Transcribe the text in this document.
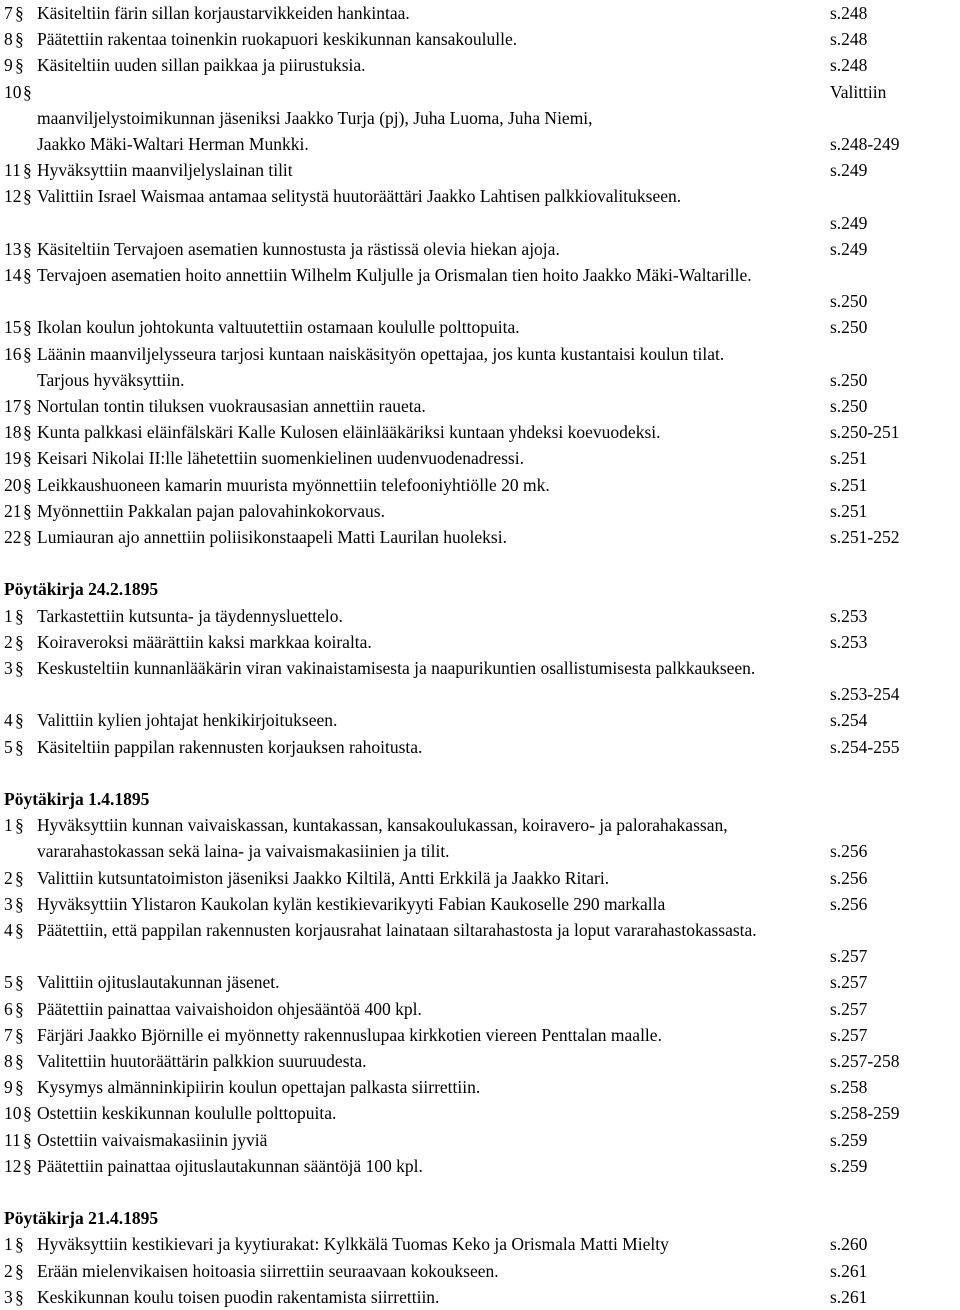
7 § Käsiteltiin färin sillan korjaustarvikkeiden hankintaa.	s.248
8 § Päätettiin rakentaa toinenkin ruokapuori keskikunnan kansakoululle.	s.248
9 § Käsiteltiin uuden sillan paikkaa ja piirustuksia.	s.248
10 §	Valittiin
maanviljelystoimikunnan jäseniksi Jaakko Turja (pj), Juha Luoma, Juha Niemi,
Jaakko Mäki-Waltari Herman Munkki.	s.248-249
11 § Hyväksyttiin maanviljelyslainan tilit	s.249
12 § Valittiin Israel Waismaa antamaa selitystä huutoräättäri Jaakko Lahtisen palkkiovalitukseen.
s.249
13 § Käsiteltiin Tervajoen asematien kunnostusta ja rästissä olevia hiekan ajoja.	s.249
14 § Tervajoen asematien hoito annettiin Wilhelm Kuljulle ja Orismalan tien hoito Jaakko Mäki-Waltarille.
s.250
15 § Ikolan koulun johtokunta valtuutettiin ostamaan koululle polttopuita.	s.250
16 § Läänin maanviljelysseura tarjosi kuntaan naiskäsityön opettajaa, jos kunta kustantaisi koulun tilat.
Tarjous hyväksyttiin.	s.250
17 § Nortulan tontin tiluksen vuokrausasian annettiin raueta.	s.250
18 § Kunta palkkasi eläinfälskäri Kalle Kulosen eläinlääkäriksi kuntaan yhdeksi koevuodeksi.	s.250-251
19 § Keisari Nikolai II:lle lähetettiin suomenkielinen uudenvuodenadressi.	s.251
20 § Leikkaushuoneen kamarin muurista myönnettiin telefooniyhtiölle 20 mk.	s.251
21 § Myönnettiin Pakkalan pajan palovahinkokorvaus.	s.251
22 § Lumiauran ajo annettiin poliisikonstaapeli Matti Laurilan huoleksi.	s.251-252
Pöytäkirja 24.2.1895
1 § Tarkastettiin kutsunta- ja täydennysluettelo.	s.253
2 § Koiraveroksi määrättiin kaksi markkaa koiralta.	s.253
3 § Keskusteltiin kunnanlääkärin viran vakinaistamisesta ja naapurikuntien osallistumisesta palkkaukseen.
s.253-254
4 § Valittiin kylien johtajat henkikirjoitukseen.	s.254
5 § Käsiteltiin pappilan rakennusten korjauksen rahoitusta.	s.254-255
Pöytäkirja 1.4.1895
1 § Hyväksyttiin kunnan vaivaiskassan, kuntakassan, kansakoulukassan, koiravero- ja palorahakassan,
vararahastokassan sekä laina- ja vaivaismakasiinien ja tilit.	s.256
2 § Valittiin kutsuntatoimiston jäseniksi Jaakko Kiltilä, Antti Erkkilä ja Jaakko Ritari.	s.256
3 § Hyväksyttiin Ylistaron Kaukolan kylän kestikievarikyyti Fabian Kaukoselle 290 markalla	s.256
4 § Päätettiin, että pappilan rakennusten korjausrahat lainataan siltarahastosta ja loput vararahastokassasta.
s.257
5 § Valittiin ojituslautakunnan jäsenet.	s.257
6 § Päätettiin painattaa vaivaishoidon ohjesääntöä 400 kpl.	s.257
7 § Färjäri Jaakko Björnille ei myönnetty rakennuslupaa kirkkotien viereen Penttalan maalle.	s.257
8 § Valitettiin huutoräättärin palkkion suuruudesta.	s.257-258
9 § Kysymys almänninkipiirin koulun opettajan palkasta siirrettiin.	s.258
10 § Ostettiin keskikunnan koululle polttopuita.	s.258-259
11 § Ostettiin vaivaismakasiinin jyviä	s.259
12 § Päätettiin painattaa ojituslautakunnan sääntöjä 100 kpl.	s.259
Pöytäkirja 21.4.1895
1 § Hyväksyttiin kestikievari ja kyytiurakat: Kylkkälä Tuomas Keko ja Orismala Matti Mielty	s.260
2 § Erään mielenvikaisen hoitoasia siirrettiin seuraavaan kokoukseen.	s.261
3 § Keskikunnan koulu toisen puodin rakentamista siirrettiin.	s.261
